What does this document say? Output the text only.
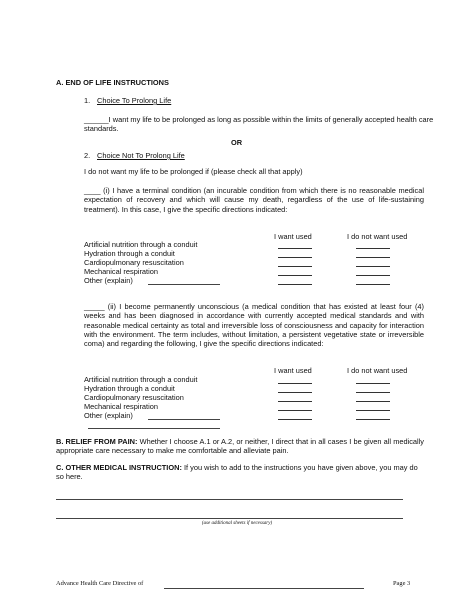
A. END OF LIFE INSTRUCTIONS
1. Choice To Prolong Life
______I want my life to be prolonged as long as possible within the limits of generally accepted health care standards.
OR
2. Choice Not To Prolong Life
I do not want my life to be prolonged if (please check all that apply)
____ (i) I have a terminal condition (an incurable condition from which there is no reasonable medical expectation of recovery and which will cause my death, regardless of the use of life-sustaining treatment). In this case, I give the specific directions indicated:
I want used	I do not want used
Artificial nutrition through a conduit
Hydration through a conduit
Cardiopulmonary resuscitation
Mechanical respiration
Other (explain)
_____ (ii) I become permanently unconscious (a medical condition that has existed at least four (4) weeks and has been diagnosed in accordance with currently accepted medical standards and with reasonable medical certainty as total and irreversible loss of consciousness and capacity for interaction with the environment. The term includes, without limitation, a persistent vegetative state or irreversible coma) and regarding the following, I give the specific directions indicated:
I want used	I do not want used
Artificial nutrition through a conduit
Hydration through a conduit
Cardiopulmonary resuscitation
Mechanical respiration
Other (explain)
B. RELIEF FROM PAIN: Whether I choose A.1 or A.2, or neither, I direct that in all cases I be given all medically appropriate care necessary to make me comfortable and alleviate pain.
C. OTHER MEDICAL INSTRUCTION: If you wish to add to the instructions you have given above, you may do so here.
(use additional sheets if necessary)
Advance Health Care Directive of	Page 3
